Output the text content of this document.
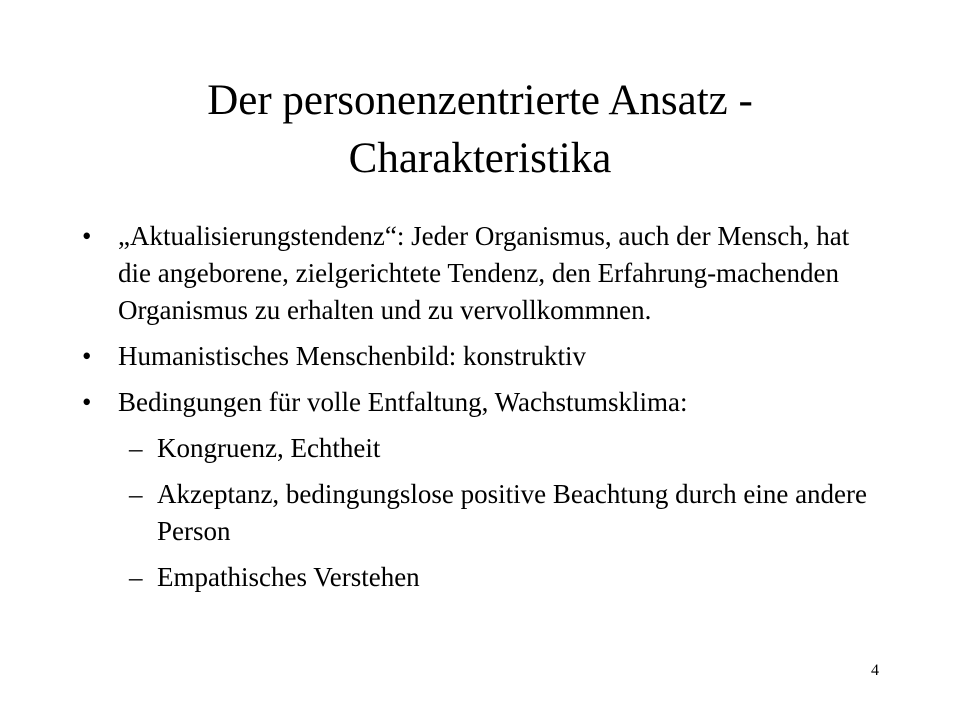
Der personenzentrierte Ansatz -
Charakteristika
• „Aktualisierungstendenz“: Jeder Organismus, auch der Mensch, hat die angeborene, zielgerichtete Tendenz, den Erfahrung-machenden Organismus zu erhalten und zu vervollkommnen.
• Humanistisches Menschenbild: konstruktiv
• Bedingungen für volle Entfaltung, Wachstumsklima:
– Kongruenz, Echtheit
– Akzeptanz, bedingungslose positive Beachtung durch eine andere Person
– Empathisches Verstehen
4
